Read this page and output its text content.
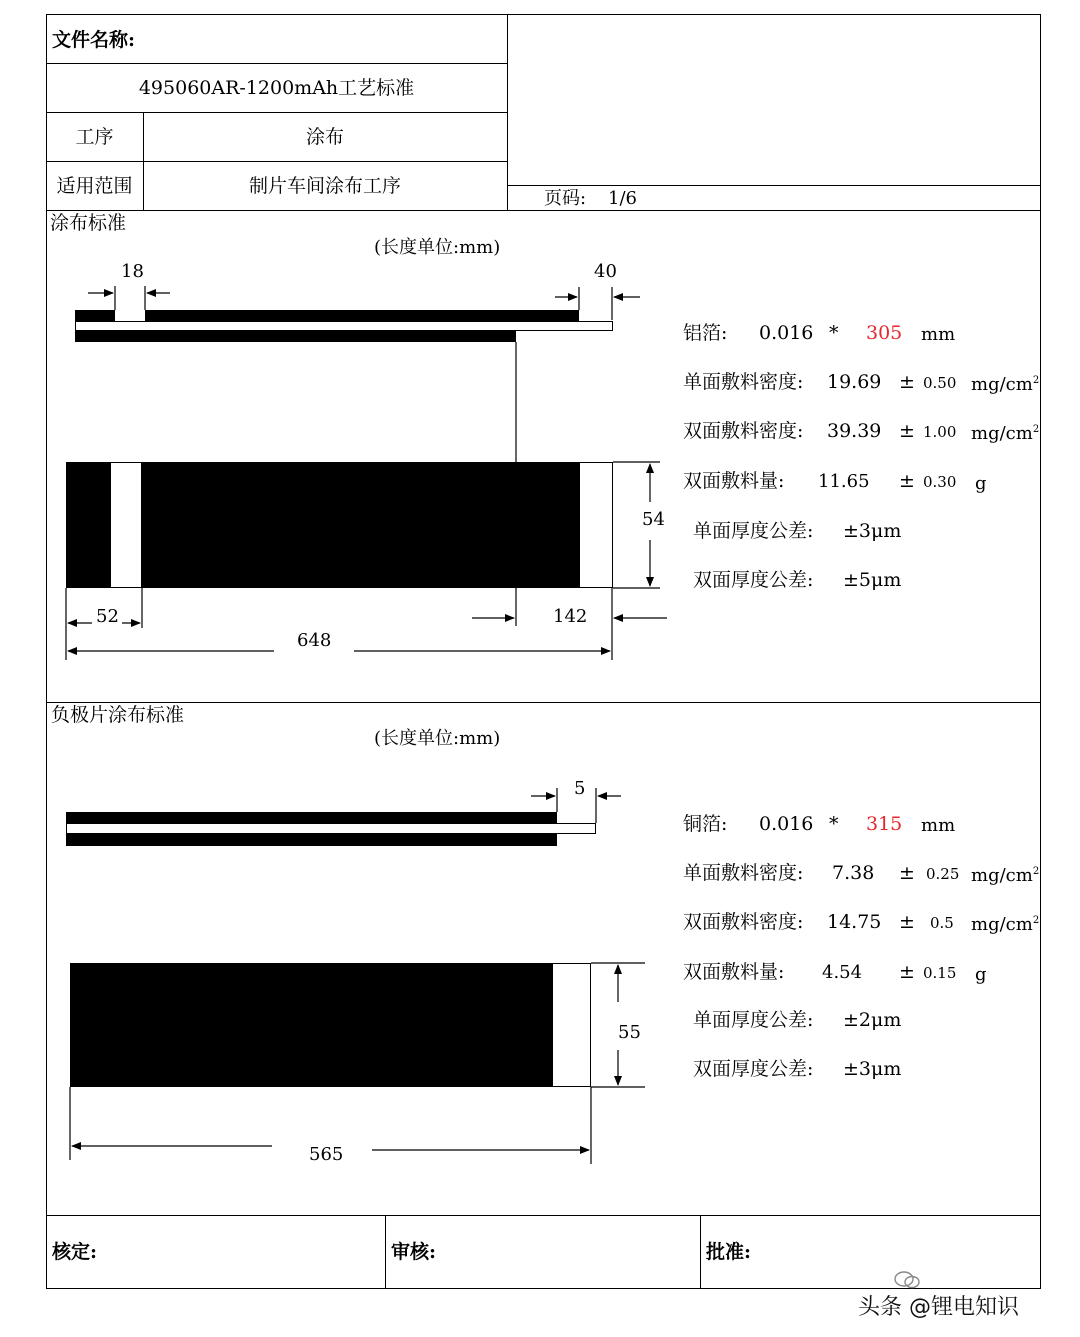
文件名称:
495060AR-1200mAh工艺标准
工序	涂布
适用范围	制片车间涂布工序
页码: 1/6
涂布标准
(长度单位:mm)
18	40
54
52	142
648
负极片涂布标准
(长度单位:mm)
5
55
565
铝箔: 0.016 * 305 mm
单面敷料密度: 19.69 ± 0.50 $mg/cm^2$
双面敷料密度: 39.39 ± 1.00 $mg/cm^2$
双面敷料量: 11.65 ± 0.30 g
单面厚度公差: ±3μm
双面厚度公差: ±5μm
铜箔: 0.016 * 315 mm
单面敷料密度: 7.38 ± 0.25 $mg/cm^2$
双面敷料密度: 14.75 ± 0.5 $mg/cm^2$
双面敷料量: 4.54 ± 0.15 g
单面厚度公差: ±2μm
双面厚度公差: ±3μm
核定:	审核:	批准:
头条 @锂电知识
